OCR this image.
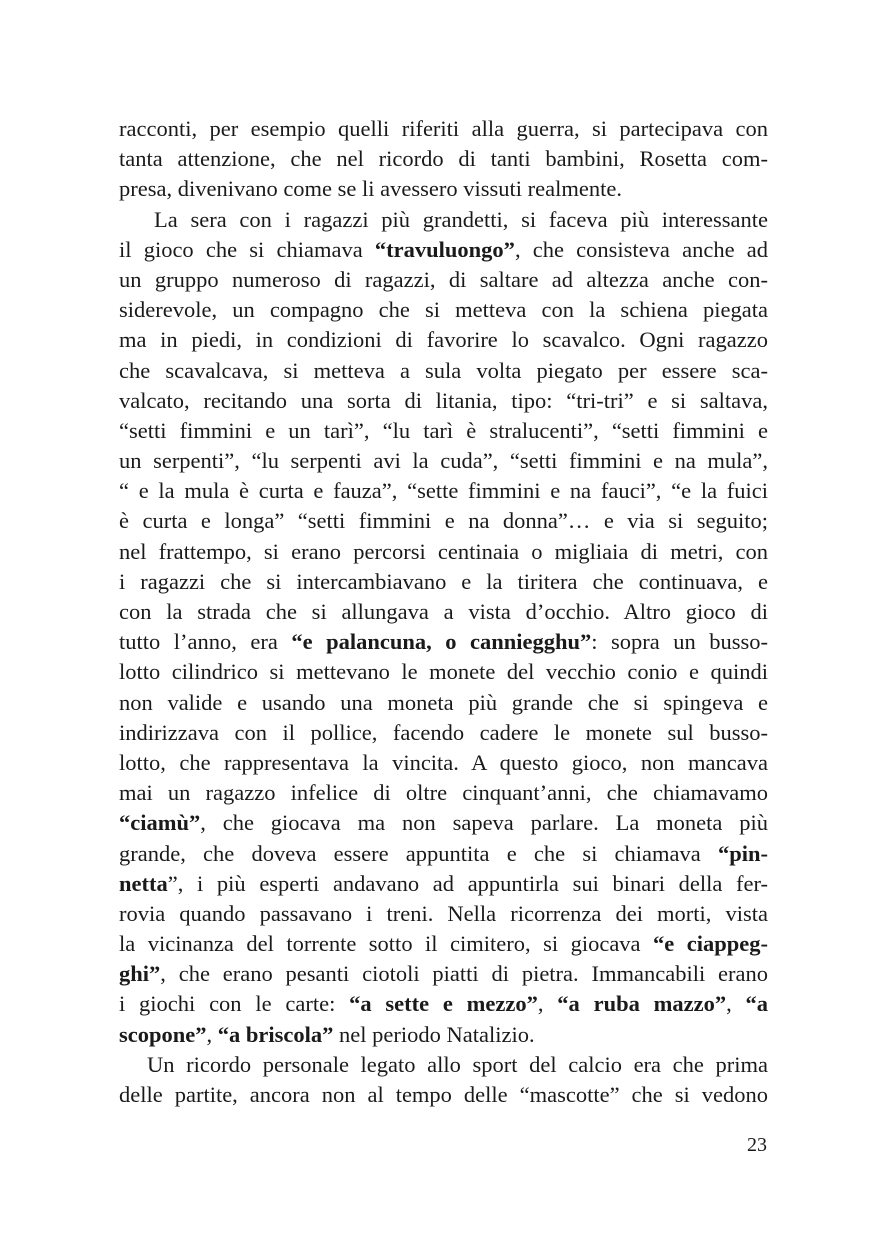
racconti, per esempio quelli riferiti alla guerra, si partecipava con
tanta attenzione, che nel ricordo di tanti bambini, Rosetta com-
presa, divenivano come se li avessero vissuti realmente.
La sera con i ragazzi più grandetti, si faceva più interessante
il gioco che si chiamava “travuluongo”, che consisteva anche ad
un gruppo numeroso di ragazzi, di saltare ad altezza anche con-
siderevole, un compagno che si metteva con la schiena piegata
ma in piedi, in condizioni di favorire lo scavalco. Ogni ragazzo
che scavalcava, si metteva a sula volta piegato per essere sca-
valcato, recitando una sorta di litania, tipo: “tri-tri” e si saltava,
“setti fimmini e un tarì”, “lu tarì è stralucenti”, “setti fimmini e
un serpenti”, “lu serpenti avi la cuda”, “setti fimmini e na mula”,
“ e la mula è curta e fauza”, “sette fimmini e na fauci”, “e la fuici
è curta e longa” “setti fimmini e na donna”… e via si seguito;
nel frattempo, si erano percorsi centinaia o migliaia di metri, con
i ragazzi che si intercambiavano e la tiritera che continuava, e
con la strada che si allungava a vista d’occhio. Altro gioco di
tutto l’anno, era “e palancuna, o canniegghu”: sopra un busso-
lotto cilindrico si mettevano le monete del vecchio conio e quindi
non valide e usando una moneta più grande che si spingeva e
indirizzava con il pollice, facendo cadere le monete sul busso-
lotto, che rappresentava la vincita. A questo gioco, non mancava
mai un ragazzo infelice di oltre cinquant’anni, che chiamavamo
“ciamù”, che giocava ma non sapeva parlare. La moneta più
grande, che doveva essere appuntita e che si chiamava “pin-
netta”, i più esperti andavano ad appuntirla sui binari della fer-
rovia quando passavano i treni. Nella ricorrenza dei morti, vista
la vicinanza del torrente sotto il cimitero, si giocava “e ciappeg-
ghi”, che erano pesanti ciotoli piatti di pietra. Immancabili erano
i giochi con le carte: “a sette e mezzo”, “a ruba mazzo”, “a
scopone”, “a briscola” nel periodo Natalizio.
Un ricordo personale legato allo sport del calcio era che prima
delle partite, ancora non al tempo delle “mascotte” che si vedono
23
